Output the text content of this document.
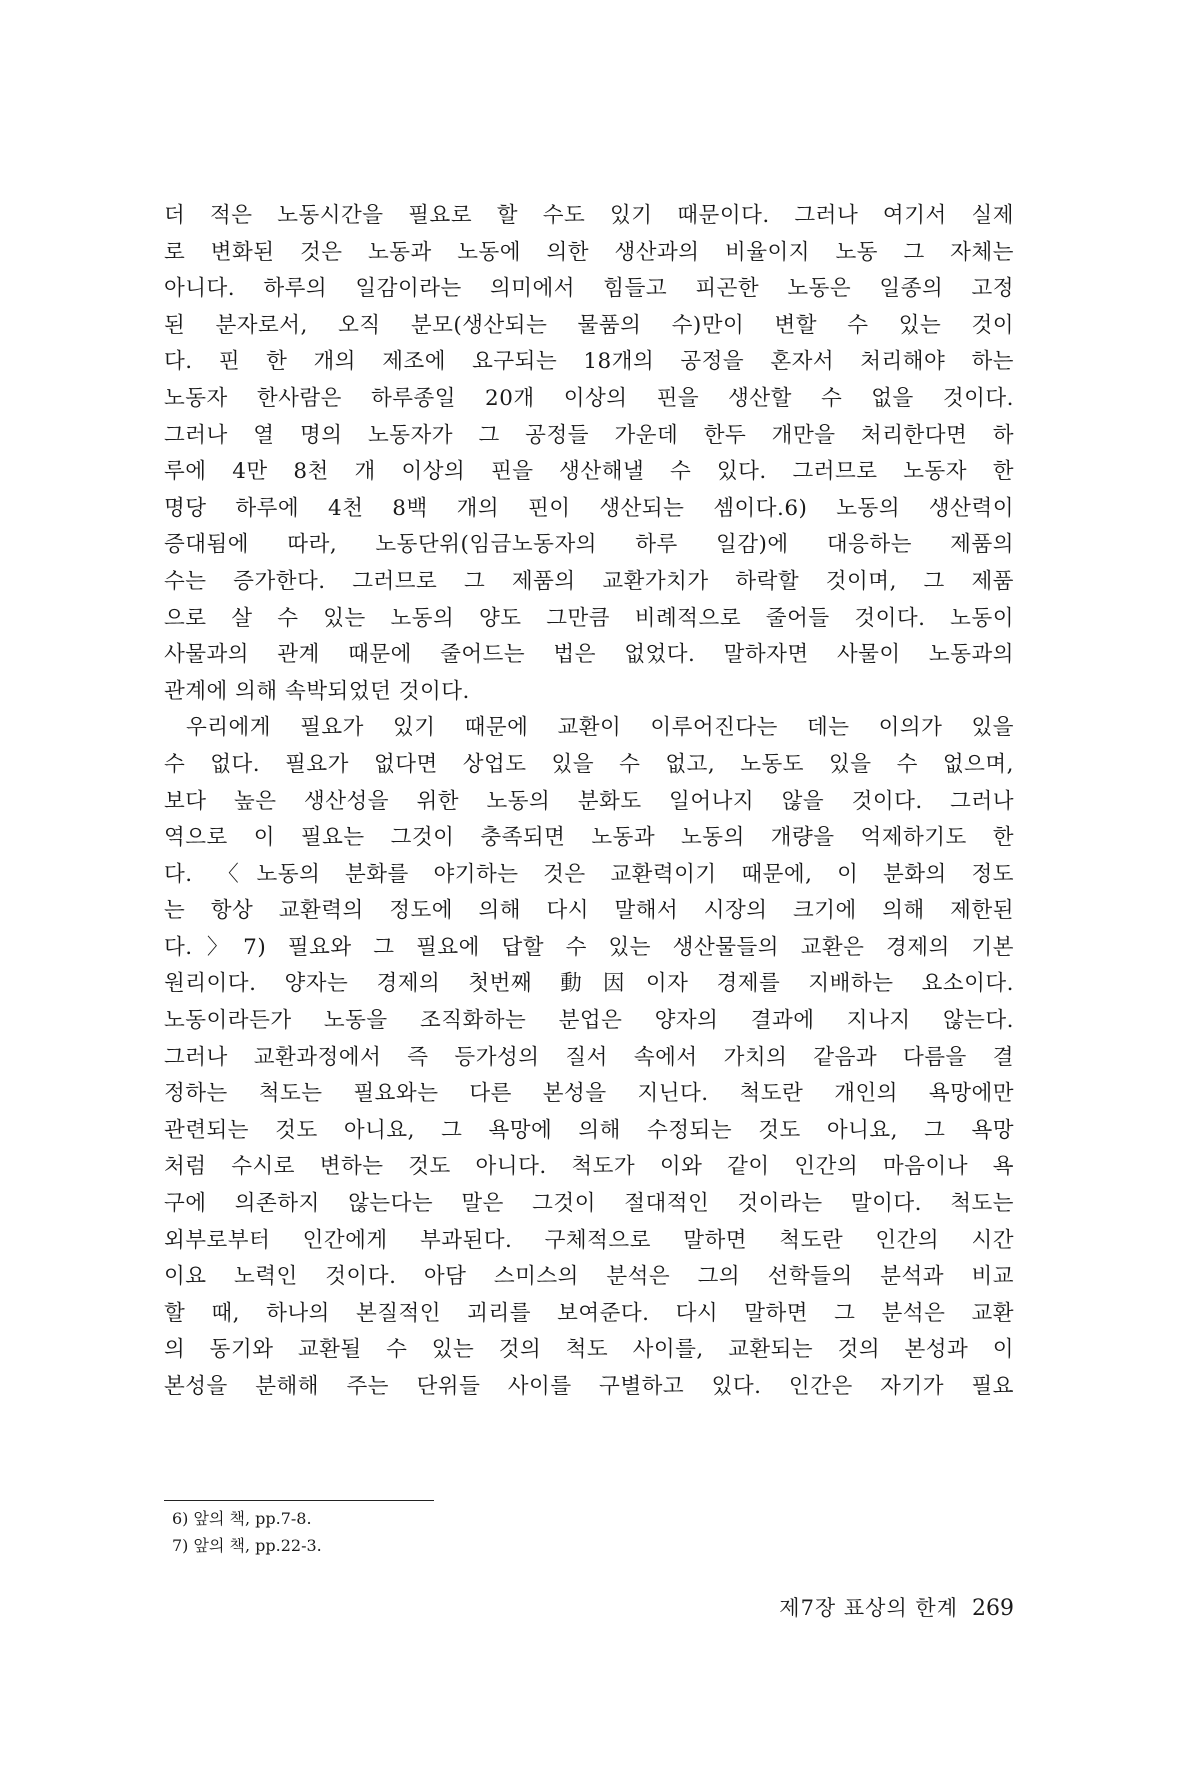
더 적은 노동시간을 필요로 할 수도 있기 때문이다. 그러나 여기서 실제
로 변화된 것은 노동과 노동에 의한 생산과의 비율이지 노동 그 자체는
아니다. 하루의 일감이라는 의미에서 힘들고 피곤한 노동은 일종의 고정
된 분자로서, 오직 분모(생산되는 물품의 수)만이 변할 수 있는 것이
다. 핀 한 개의 제조에 요구되는 18개의 공정을 혼자서 처리해야 하는
노동자 한사람은 하루종일 20개 이상의 핀을 생산할 수 없을 것이다.
그러나 열 명의 노동자가 그 공정들 가운데 한두 개만을 처리한다면 하
루에 4만 8천 개 이상의 핀을 생산해낼 수 있다. 그러므로 노동자 한
명당 하루에 4천 8백 개의 핀이 생산되는 셈이다.6) 노동의 생산력이
증대됨에 따라, 노동단위(임금노동자의 하루 일감)에 대응하는 제품의
수는 증가한다. 그러므로 그 제품의 교환가치가 하락할 것이며, 그 제품
으로 살 수 있는 노동의 양도 그만큼 비례적으로 줄어들 것이다. 노동이
사물과의 관계 때문에 줄어드는 법은 없었다. 말하자면 사물이 노동과의
관계에 의해 속박되었던 것이다.
우리에게 필요가 있기 때문에 교환이 이루어진다는 데는 이의가 있을
수 없다. 필요가 없다면 상업도 있을 수 없고, 노동도 있을 수 없으며,
보다 높은 생산성을 위한 노동의 분화도 일어나지 않을 것이다. 그러나
역으로 이 필요는 그것이 충족되면 노동과 노동의 개량을 억제하기도 한
다. 〈노동의 분화를 야기하는 것은 교환력이기 때문에, 이 분화의 정도
는 항상 교환력의 정도에 의해 다시 말해서 시장의 크기에 의해 제한된
다.〉7) 필요와 그 필요에 답할 수 있는 생산물들의 교환은 경제의 기본
원리이다. 양자는 경제의 첫번째 動因이자 경제를 지배하는 요소이다.
노동이라든가 노동을 조직화하는 분업은 양자의 결과에 지나지 않는다.
그러나 교환과정에서 즉 등가성의 질서 속에서 가치의 같음과 다름을 결
정하는 척도는 필요와는 다른 본성을 지닌다. 척도란 개인의 욕망에만
관련되는 것도 아니요, 그 욕망에 의해 수정되는 것도 아니요, 그 욕망
처럼 수시로 변하는 것도 아니다. 척도가 이와 같이 인간의 마음이나 욕
구에 의존하지 않는다는 말은 그것이 절대적인 것이라는 말이다. 척도는
외부로부터 인간에게 부과된다. 구체적으로 말하면 척도란 인간의 시간
이요 노력인 것이다. 아담 스미스의 분석은 그의 선학들의 분석과 비교
할 때, 하나의 본질적인 괴리를 보여준다. 다시 말하면 그 분석은 교환
의 동기와 교환될 수 있는 것의 척도 사이를, 교환되는 것의 본성과 이
본성을 분해해 주는 단위들 사이를 구별하고 있다. 인간은 자기가 필요
6) 앞의 책, pp.7-8.
7) 앞의 책, pp.22-3.
제7장 표상의 한계 269
